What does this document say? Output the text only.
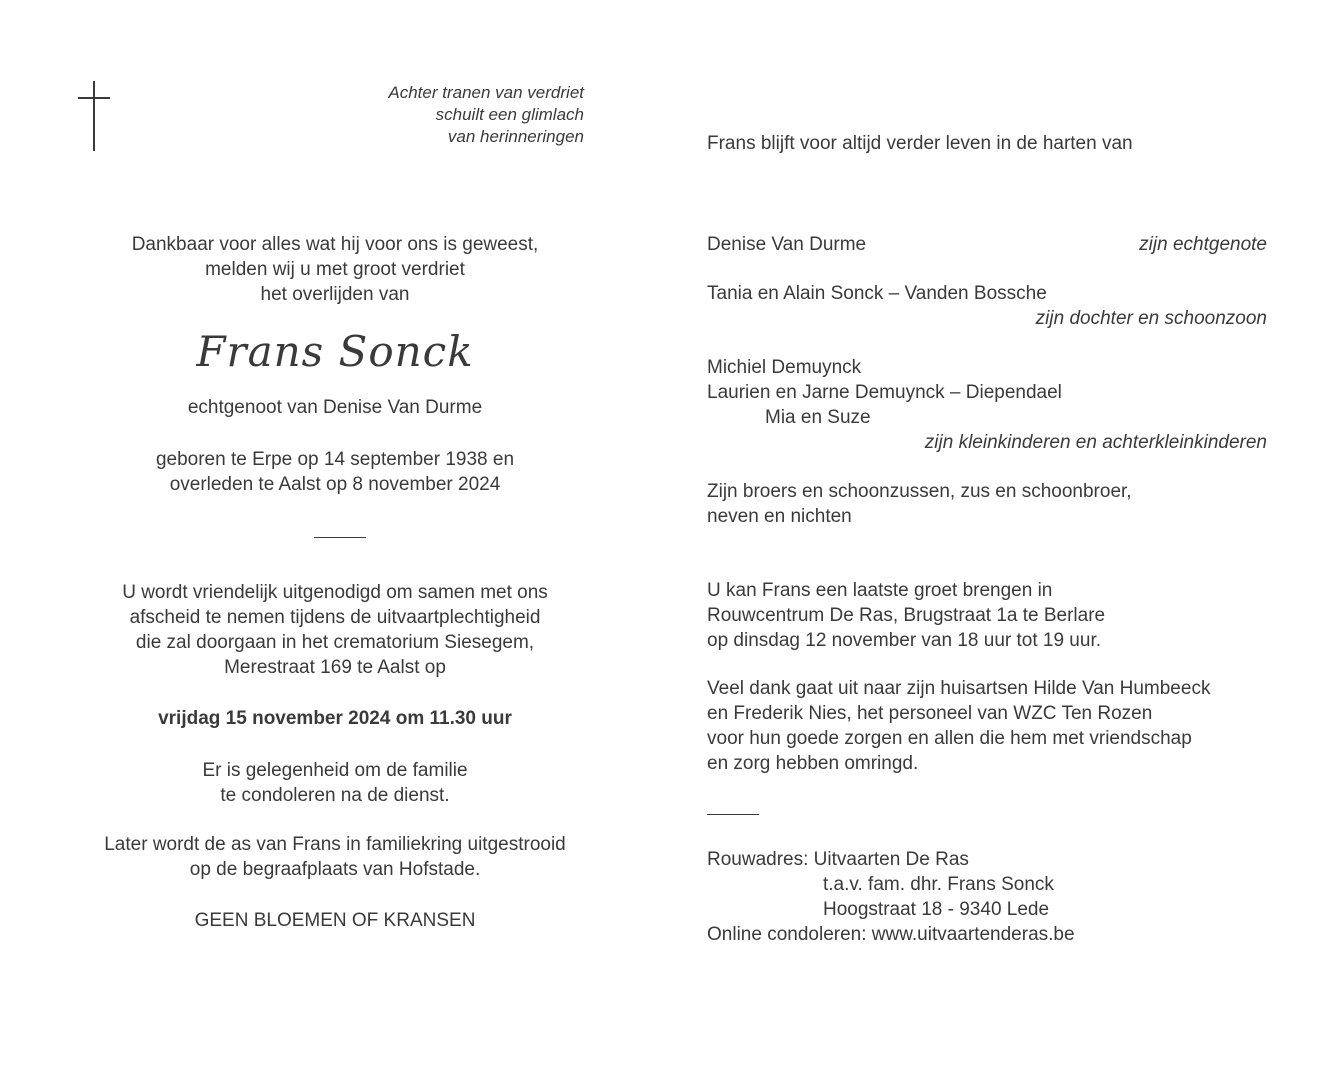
Achter tranen van verdriet
schuilt een glimlach
van herinneringen
Dankbaar voor alles wat hij voor ons is geweest,
melden wij u met groot verdriet
het overlijden van
Frans Sonck
echtgenoot van Denise Van Durme
geboren te Erpe op 14 september 1938 en
overleden te Aalst op 8 november 2024
U wordt vriendelijk uitgenodigd om samen met ons
afscheid te nemen tijdens de uitvaartplechtigheid
die zal doorgaan in het crematorium Siesegem,
Merestraat 169 te Aalst op
vrijdag 15 november 2024 om 11.30 uur
Er is gelegenheid om de familie
te condoleren na de dienst.
Later wordt de as van Frans in familiekring uitgestrooid
op de begraafplaats van Hofstade.
GEEN BLOEMEN OF KRANSEN
Frans blijft voor altijd verder leven in de harten van
Denise Van Durme	zijn echtgenote
Tania en Alain Sonck – Vanden Bossche
zijn dochter en schoonzoon
Michiel Demuynck
Laurien en Jarne Demuynck – Diependael
Mia en Suze
zijn kleinkinderen en achterkleinkinderen
Zijn broers en schoonzussen, zus en schoonbroer,
neven en nichten
U kan Frans een laatste groet brengen in
Rouwcentrum De Ras, Brugstraat 1a te Berlare
op dinsdag 12 november van 18 uur tot 19 uur.
Veel dank gaat uit naar zijn huisartsen Hilde Van Humbeeck
en Frederik Nies, het personeel van WZC Ten Rozen
voor hun goede zorgen en allen die hem met vriendschap
en zorg hebben omringd.
Rouwadres: Uitvaarten De Ras
t.a.v. fam. dhr. Frans Sonck
Hoogstraat 18 - 9340 Lede
Online condoleren: www.uitvaartenderas.be
